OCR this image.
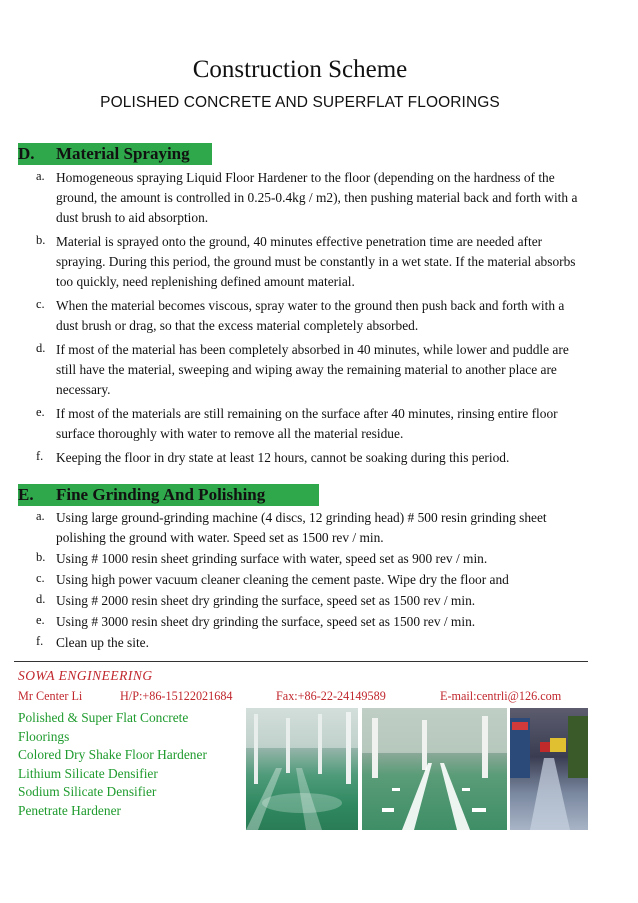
Construction Scheme
POLISHED CONCRETE AND SUPERFLAT FLOORINGS
D.	Material Spraying
a. Homogeneous spraying Liquid Floor Hardener to the floor (depending on the hardness of the ground, the amount is controlled in 0.25-0.4kg / m2), then pushing material back and forth with a dust brush to aid absorption.
b. Material is sprayed onto the ground, 40 minutes effective penetration time are needed after spraying. During this period, the ground must be constantly in a wet state. If the material absorbs too quickly, need replenishing defined amount material.
c. When the material becomes viscous, spray water to the ground then push back and forth with a dust brush or drag, so that the excess material completely absorbed.
d. If most of the material has been completely absorbed in 40 minutes, while lower and puddle are still have the material, sweeping and wiping away the remaining material to another place are necessary.
e. If most of the materials are still remaining on the surface after 40 minutes, rinsing entire floor surface thoroughly with water to remove all the material residue.
f. Keeping the floor in dry state at least 12 hours, cannot be soaking during this period.
E.	Fine Grinding And Polishing
a. Using large ground-grinding machine (4 discs, 12 grinding head) # 500 resin grinding sheet polishing the ground with water. Speed set as 1500 rev / min.
b. Using # 1000 resin sheet grinding surface with water, speed set as 900 rev / min.
c. Using high power vacuum cleaner cleaning the cement paste. Wipe dry the floor and
d. Using # 2000 resin sheet dry grinding the surface, speed set as 1500 rev / min.
e. Using # 3000 resin sheet dry grinding the surface, speed set as 1500 rev / min.
f. Clean up the site.
SOWA ENGINEERING
Mr Center Li	H/P:+86-15122021684	Fax:+86-22-24149589	E-mail:centrli@126.com
Polished & Super Flat Concrete
Floorings
Colored Dry Shake Floor Hardener
Lithium Silicate Densifier
Sodium Silicate Densifier
Penetrate Hardener
